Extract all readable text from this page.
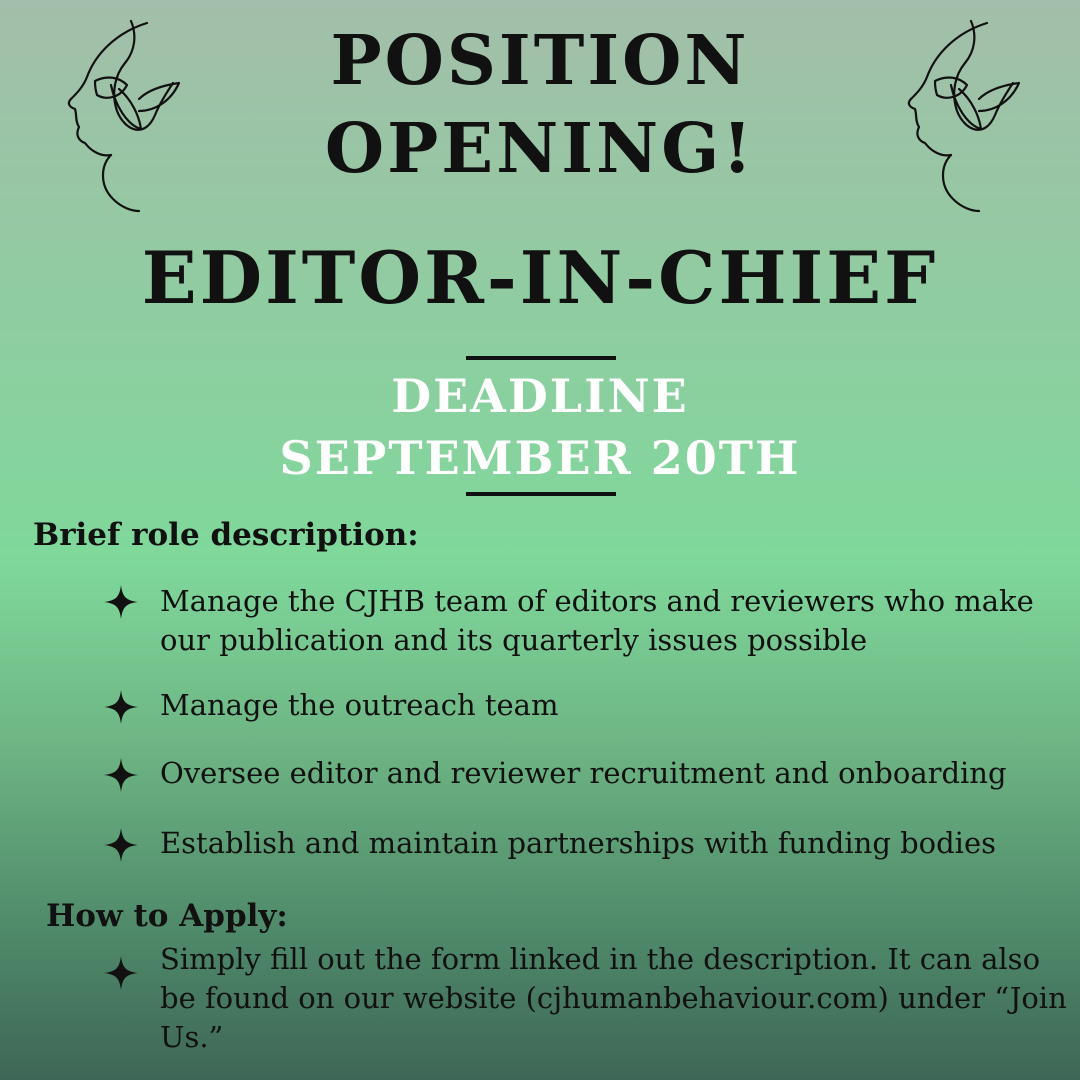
POSITION
OPENING!
EDITOR-IN-CHIEF
DEADLINE
SEPTEMBER 20TH
Brief role description:
Manage the CJHB team of editors and reviewers who make our publication and its quarterly issues possible
Manage the outreach team
Oversee editor and reviewer recruitment and onboarding
Establish and maintain partnerships with funding bodies
How to Apply:
Simply fill out the form linked in the description. It can also be found on our website (cjhumanbehaviour.com) under “Join Us.”
